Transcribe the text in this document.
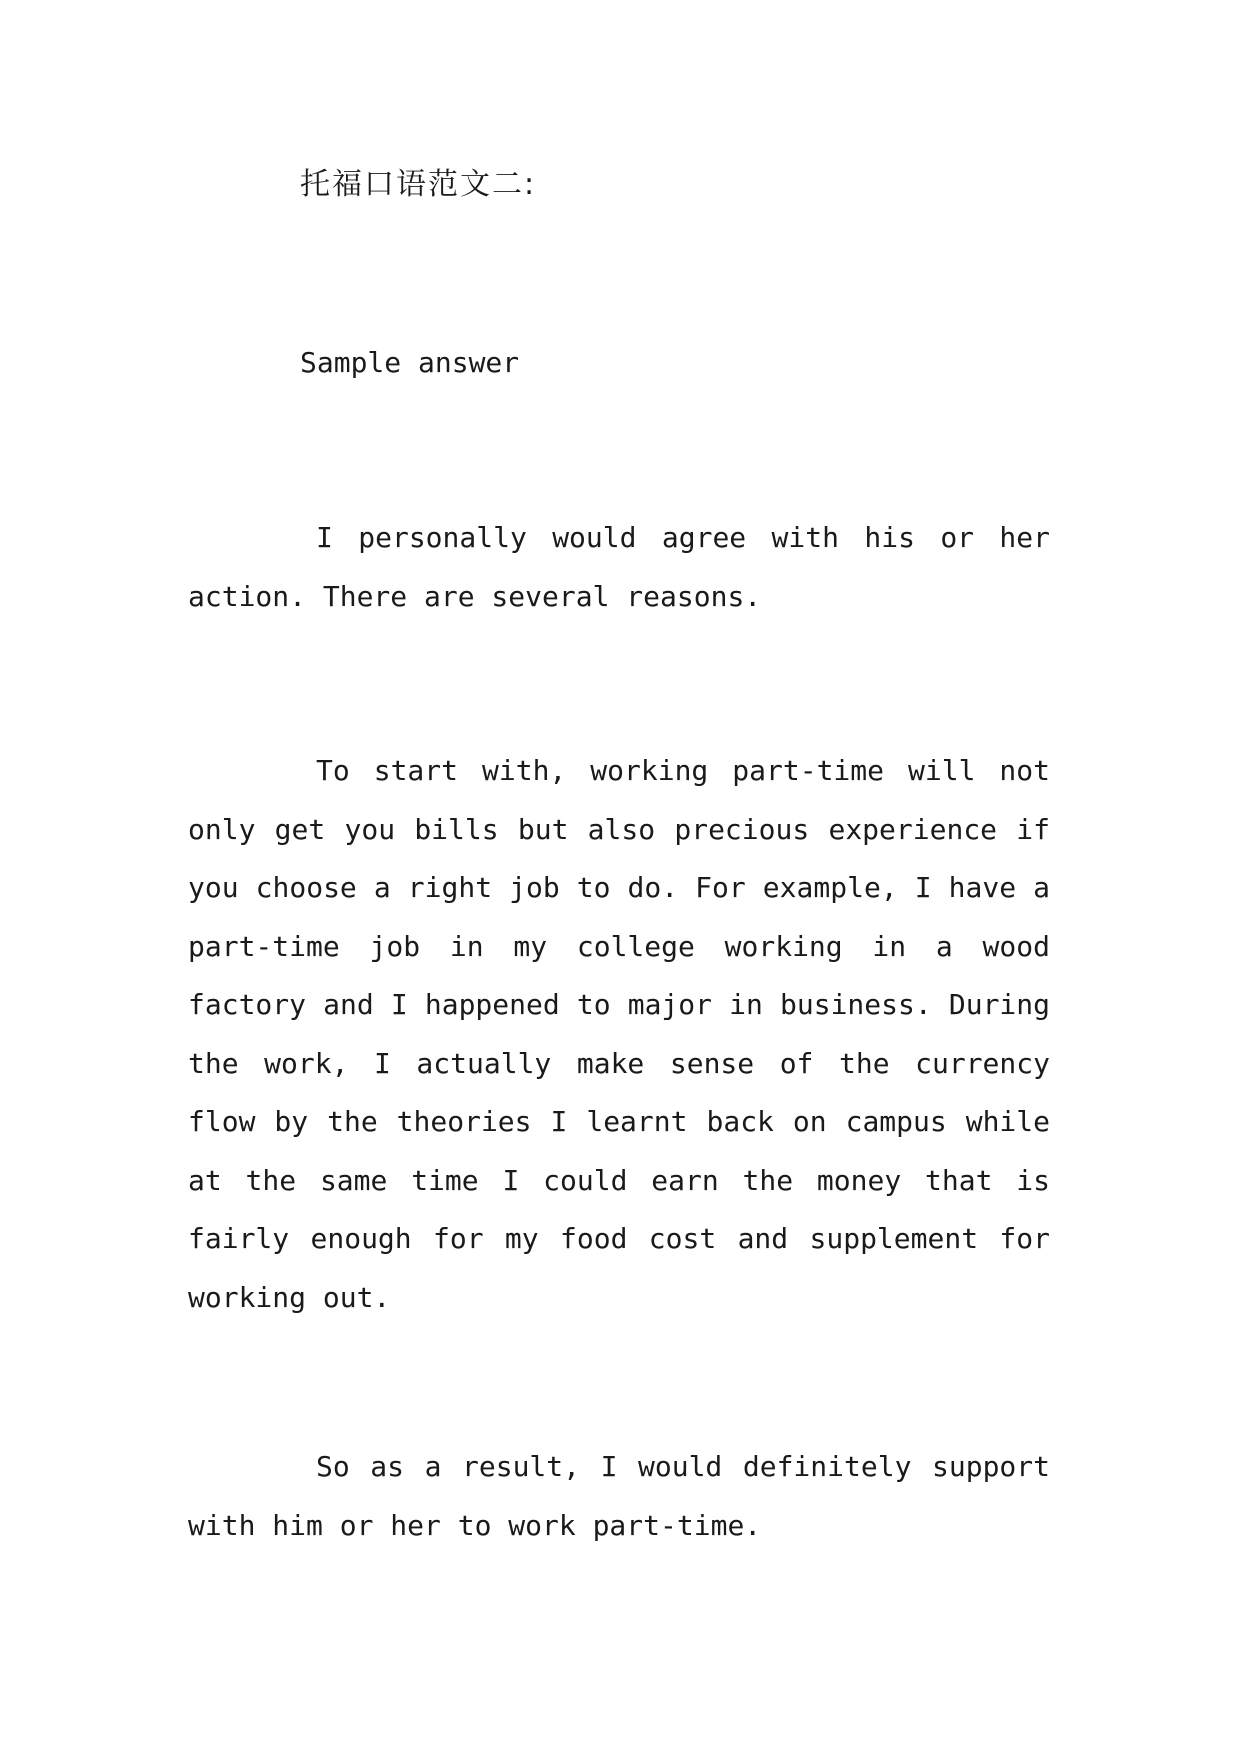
托福口语范文二:
Sample answer

I personally would agree with his or her action. There are several reasons.

To start with, working part-time will not only get you bills but also precious experience if you choose a right job to do. For example, I have a part-time job in my college working in a wood factory and I happened to major in business. During the work, I actually make sense of the currency flow by the theories I learnt back on campus while at the same time I could earn the money that is fairly enough for my food cost and supplement for working out.

So as a result, I would definitely support with him or her to work part-time.
